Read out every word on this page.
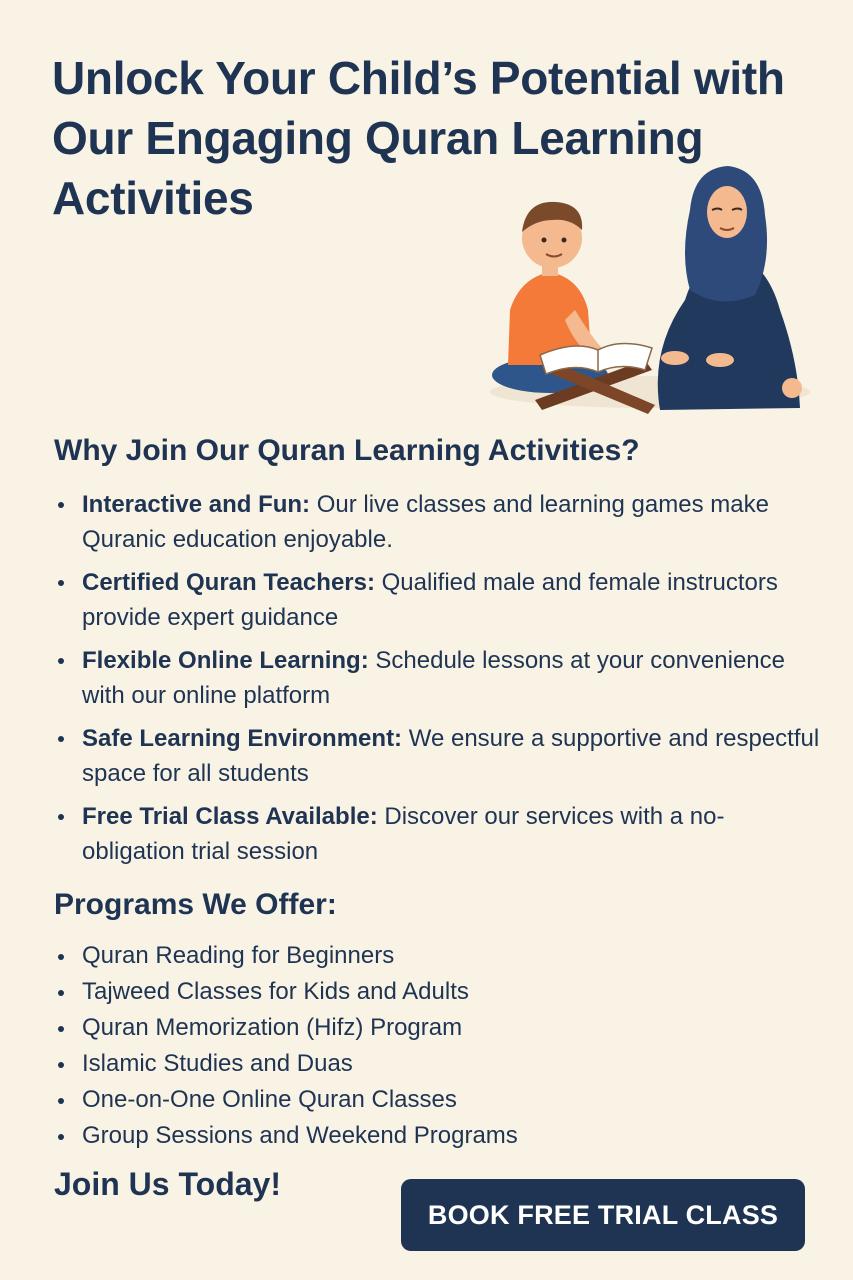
Unlock Your Child’s Potential with Our Engaging Quran Learning Activities
Why Join Our Quran Learning Activities?
Interactive and Fun: Our live classes and learning games make Quranic education enjoyable.
Certified Quran Teachers: Qualified male and female instructors provide expert guidance
Flexible Online Learning: Schedule lessons at your convenience with our online platform
Safe Learning Environment: We ensure a supportive and respectful space for all students
Free Trial Class Available: Discover our services with a no-obligation trial session
Programs We Offer:
Quran Reading for Beginners
Tajweed Classes for Kids and Adults
Quran Memorization (Hifz) Program
Islamic Studies and Duas
One-on-One Online Quran Classes
Group Sessions and Weekend Programs

Join Us Today!

BOOK FREE TRIAL CLASS
